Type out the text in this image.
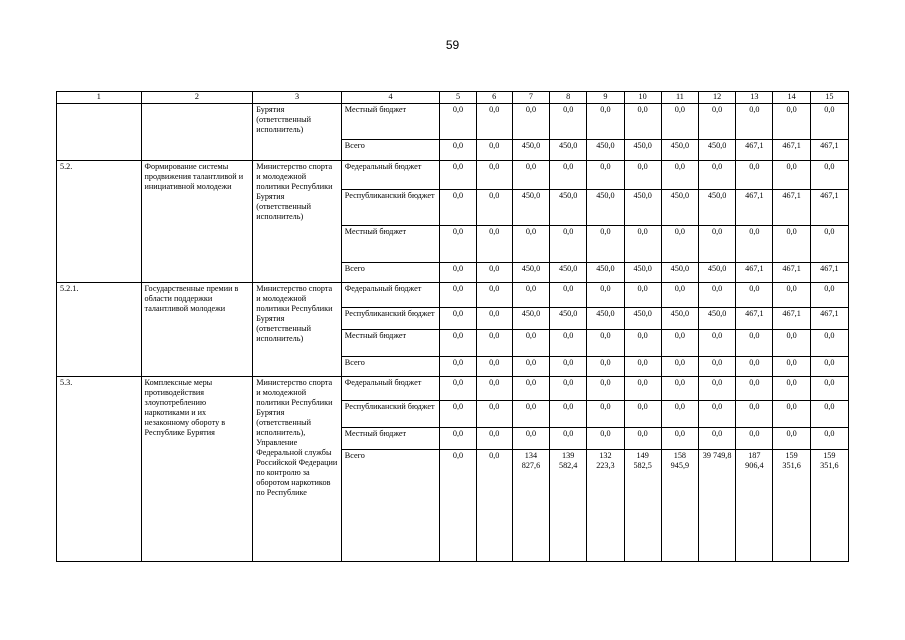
59
1	2	3	4	5	6	7	8	9	10	11	12	13	14	15
		Бурятия (ответственный исполнитель)	Местный бюджет	0,0	0,0	0,0	0,0	0,0	0,0	0,0	0,0	0,0	0,0	0,0
			Всего	0,0	0,0	450,0	450,0	450,0	450,0	450,0	450,0	467,1	467,1	467,1
5.2.	Формирование системы продвижения талантливой и инициативной молодежи	Министерство спорта и молодежной политики Республики Бурятия (ответственный исполнитель)	Федеральный бюджет	0,0	0,0	0,0	0,0	0,0	0,0	0,0	0,0	0,0	0,0	0,0
			Республиканский бюджет	0,0	0,0	450,0	450,0	450,0	450,0	450,0	450,0	467,1	467,1	467,1
			Местный бюджет	0,0	0,0	0,0	0,0	0,0	0,0	0,0	0,0	0,0	0,0	0,0
			Всего	0,0	0,0	450,0	450,0	450,0	450,0	450,0	450,0	467,1	467,1	467,1
5.2.1.	Государственные премии в области поддержки талантливой молодежи	Министерство спорта и молодежной политики Республики Бурятия (ответственный исполнитель)	Федеральный бюджет	0,0	0,0	0,0	0,0	0,0	0,0	0,0	0,0	0,0	0,0	0,0
			Республиканский бюджет	0,0	0,0	450,0	450,0	450,0	450,0	450,0	450,0	467,1	467,1	467,1
			Местный бюджет	0,0	0,0	0,0	0,0	0,0	0,0	0,0	0,0	0,0	0,0	0,0
			Всего	0,0	0,0	0,0	0,0	0,0	0,0	0,0	0,0	0,0	0,0	0,0
5.3.	Комплексные меры противодействия злоупотреблению наркотиками и их незаконному обороту в Республике Бурятия	Министерство спорта и молодежной политики Республики Бурятия (ответственный исполнитель), Управление Федеральной службы Российской Федерации по контролю за оборотом наркотиков по Республике	Федеральный бюджет	0,0	0,0	0,0	0,0	0,0	0,0	0,0	0,0	0,0	0,0	0,0
			Республиканский бюджет	0,0	0,0	0,0	0,0	0,0	0,0	0,0	0,0	0,0	0,0	0,0
			Местный бюджет	0,0	0,0	0,0	0,0	0,0	0,0	0,0	0,0	0,0	0,0	0,0
			Всего	0,0	0,0	134 827,6	139 582,4	132 223,3	149 582,5	158 945,9	39 749,8	187 906,4	159 351,6	159 351,6
